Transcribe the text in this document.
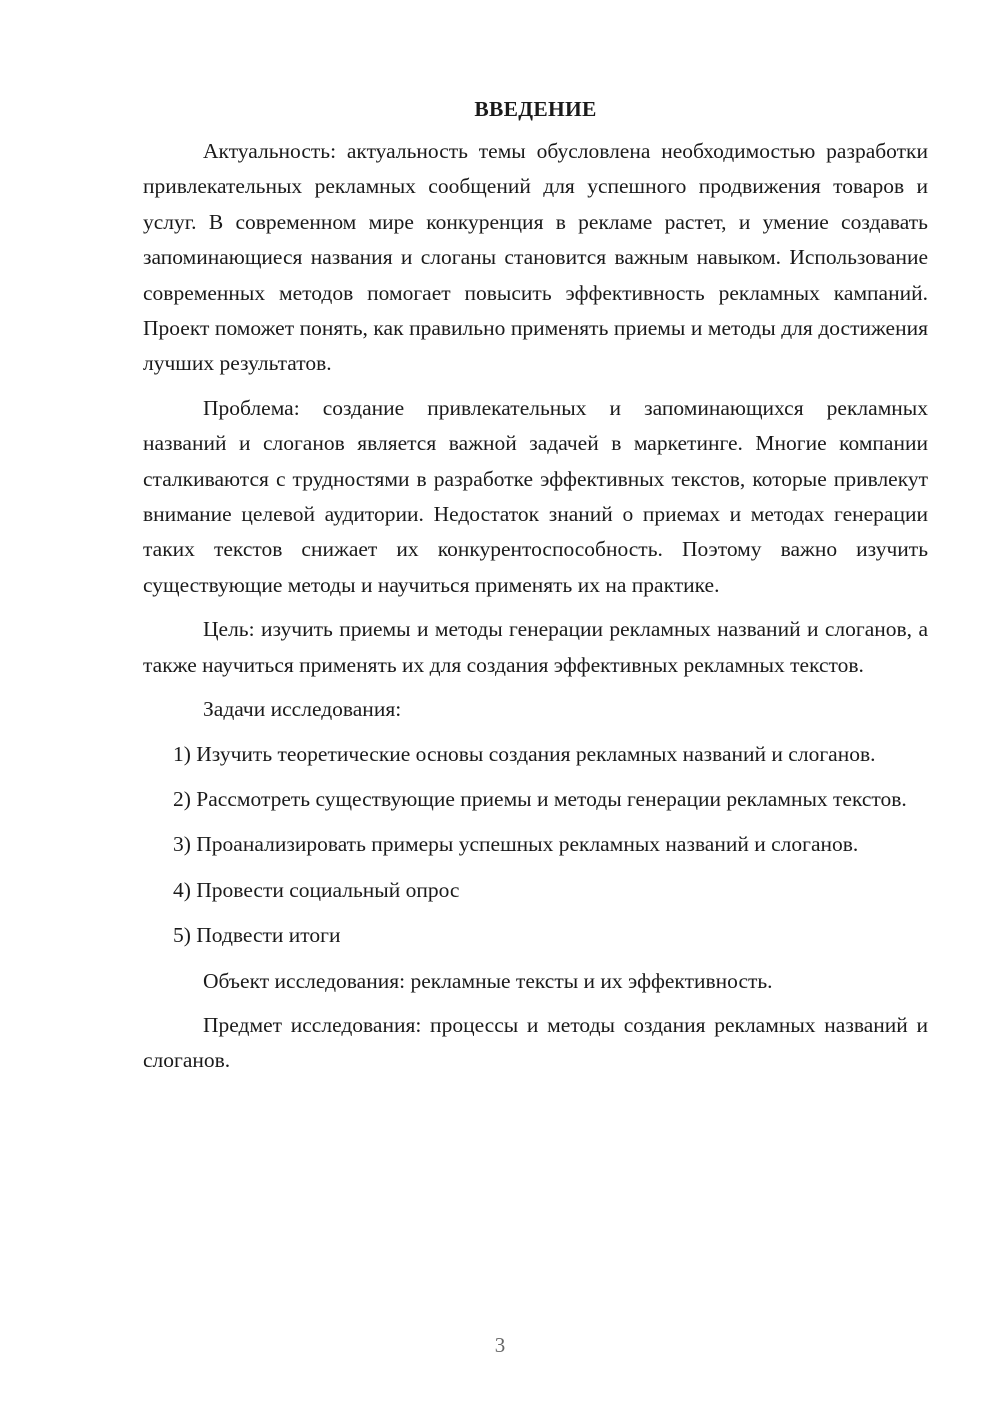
ВВЕДЕНИЕ

Актуальность: актуальность темы обусловлена необходимостью разработки привлекательных рекламных сообщений для успешного продвижения товаров и услуг. В современном мире конкуренция в рекламе растет, и умение создавать запоминающиеся названия и слоганы становится важным навыком. Использование современных методов помогает повысить эффективность рекламных кампаний. Проект поможет понять, как правильно применять приемы и методы для достижения лучших результатов.

Проблема: создание привлекательных и запоминающихся рекламных названий и слоганов является важной задачей в маркетинге. Многие компании сталкиваются с трудностями в разработке эффективных текстов, которые привлекут внимание целевой аудитории. Недостаток знаний о приемах и методах генерации таких текстов снижает их конкурентоспособность. Поэтому важно изучить существующие методы и научиться применять их на практике.

Цель: изучить приемы и методы генерации рекламных названий и слоганов, а также научиться применять их для создания эффективных рекламных текстов.

Задачи исследования:

1) Изучить теоретические основы создания рекламных названий и слоганов.

2) Рассмотреть существующие приемы и методы генерации рекламных текстов.

3) Проанализировать примеры успешных рекламных названий и слоганов.

4) Провести социальный опрос

5) Подвести итоги

Объект исследования: рекламные тексты и их эффективность.

Предмет исследования: процессы и методы создания рекламных названий и слоганов.

3
